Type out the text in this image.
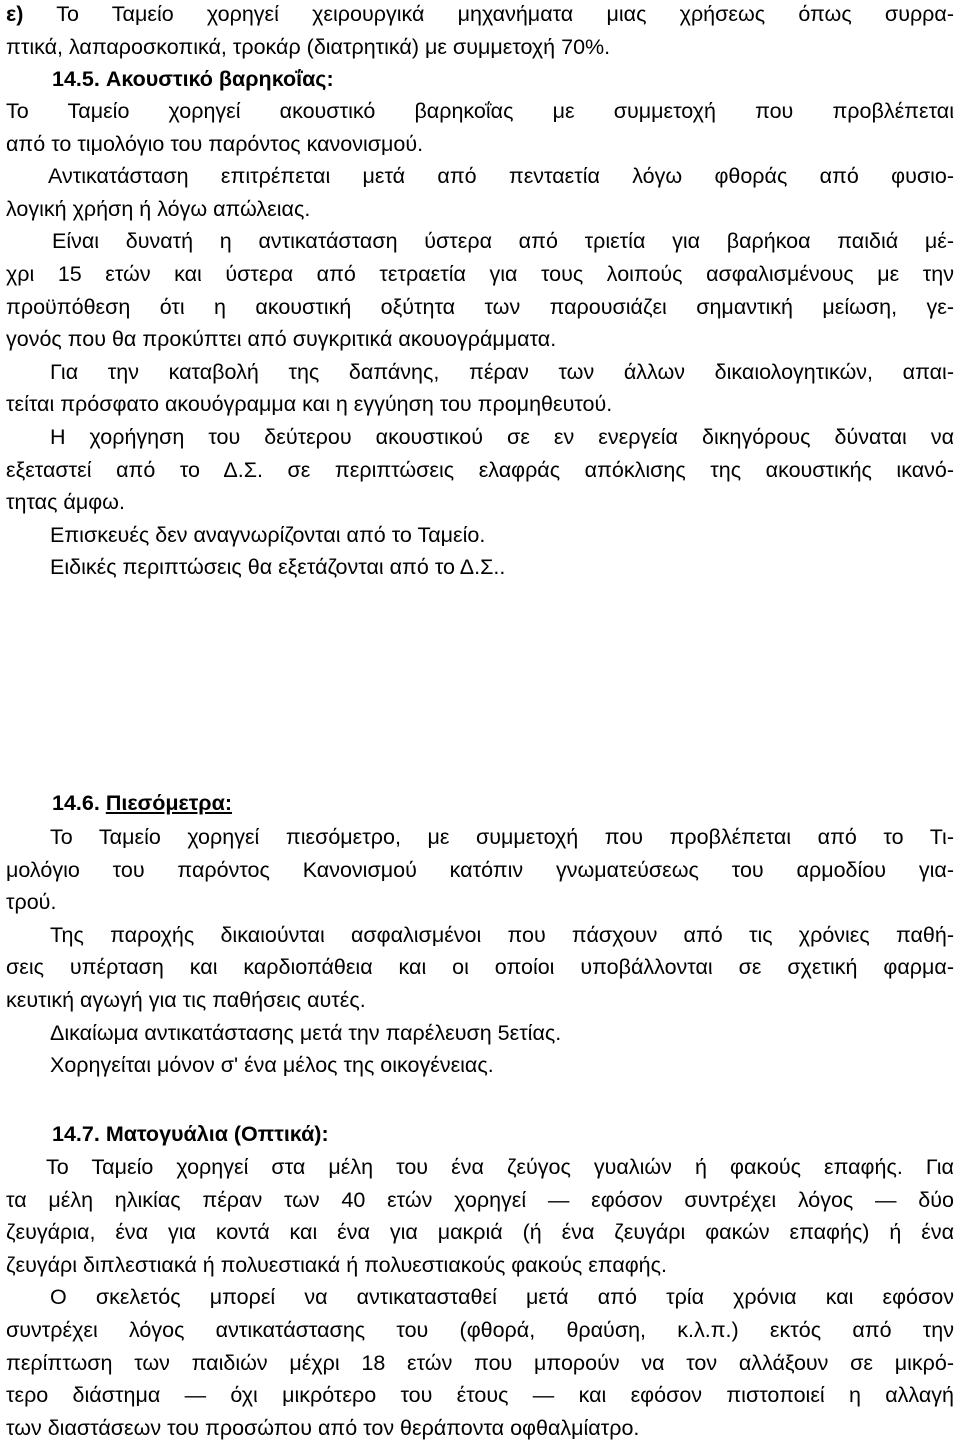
ε) Το Ταμείο χορηγεί χειρουργικά μηχανήματα μιας χρήσεως όπως συρρα-
πτικά, λαπαροσκοπικά, τροκάρ (διατρητικά) με συμμετοχή 70%.
14.5. Ακουστικό βαρηκοΐας:
Το Ταμείο χορηγεί ακουστικό βαρηκοΐας με συμμετοχή που προβλέπεται
από το τιμολόγιο του παρόντος κανονισμού.
Αντικατάσταση επιτρέπεται μετά από πενταετία λόγω φθοράς από φυσιο-
λογική χρήση ή λόγω απώλειας.
Είναι δυνατή η αντικατάσταση ύστερα από τριετία για βαρήκοα παιδιά μέ-
χρι 15 ετών και ύστερα από τετραετία για τους λοιπούς ασφαλισμένους με την
προϋπόθεση ότι η ακουστική οξύτητα των παρουσιάζει σημαντική μείωση, γε-
γονός που θα προκύπτει από συγκριτικά ακουογράμματα.
Για την καταβολή της δαπάνης, πέραν των άλλων δικαιολογητικών, απαι-
τείται πρόσφατο ακουόγραμμα και η εγγύηση του προμηθευτού.
Η χορήγηση του δεύτερου ακουστικού σε εν ενεργεία δικηγόρους δύναται να
εξεταστεί από το Δ.Σ. σε περιπτώσεις ελαφράς απόκλισης της ακουστικής ικανό-
τητας άμφω.
Επισκευές δεν αναγνωρίζονται από το Ταμείο.
Ειδικές περιπτώσεις θα εξετάζονται από το Δ.Σ..
14.6. Πιεσόμετρα:
Το Ταμείο χορηγεί πιεσόμετρο, με συμμετοχή που προβλέπεται από το Τι-
μολόγιο του παρόντος Κανονισμού κατόπιν γνωματεύσεως του αρμοδίου για-
τρού.
Της παροχής δικαιούνται ασφαλισμένοι που πάσχουν από τις χρόνιες παθή-
σεις υπέρταση και καρδιοπάθεια και οι οποίοι υποβάλλονται σε σχετική φαρμα-
κευτική αγωγή για τις παθήσεις αυτές.
Δικαίωμα αντικατάστασης μετά την παρέλευση 5ετίας.
Χορηγείται μόνον σ' ένα μέλος της οικογένειας.
14.7. Ματογυάλια (Οπτικά):
Το Ταμείο χορηγεί στα μέλη του ένα ζεύγος γυαλιών ή φακούς επαφής. Για
τα μέλη ηλικίας πέραν των 40 ετών χορηγεί — εφόσον συντρέχει λόγος — δύο
ζευγάρια, ένα για κοντά και ένα για μακριά (ή ένα ζευγάρι φακών επαφής) ή ένα
ζευγάρι διπλεστιακά ή πολυεστιακά ή πολυεστιακούς φακούς επαφής.
Ο σκελετός μπορεί να αντικατασταθεί μετά από τρία χρόνια και εφόσον
συντρέχει λόγος αντικατάστασης του (φθορά, θραύση, κ.λ.π.) εκτός από την
περίπτωση των παιδιών μέχρι 18 ετών που μπορούν να τον αλλάξουν σε μικρό-
τερο διάστημα — όχι μικρότερο του έτους — και εφόσον πιστοποιεί η αλλαγή
των διαστάσεων του προσώπου από τον θεράποντα οφθαλμίατρο.
